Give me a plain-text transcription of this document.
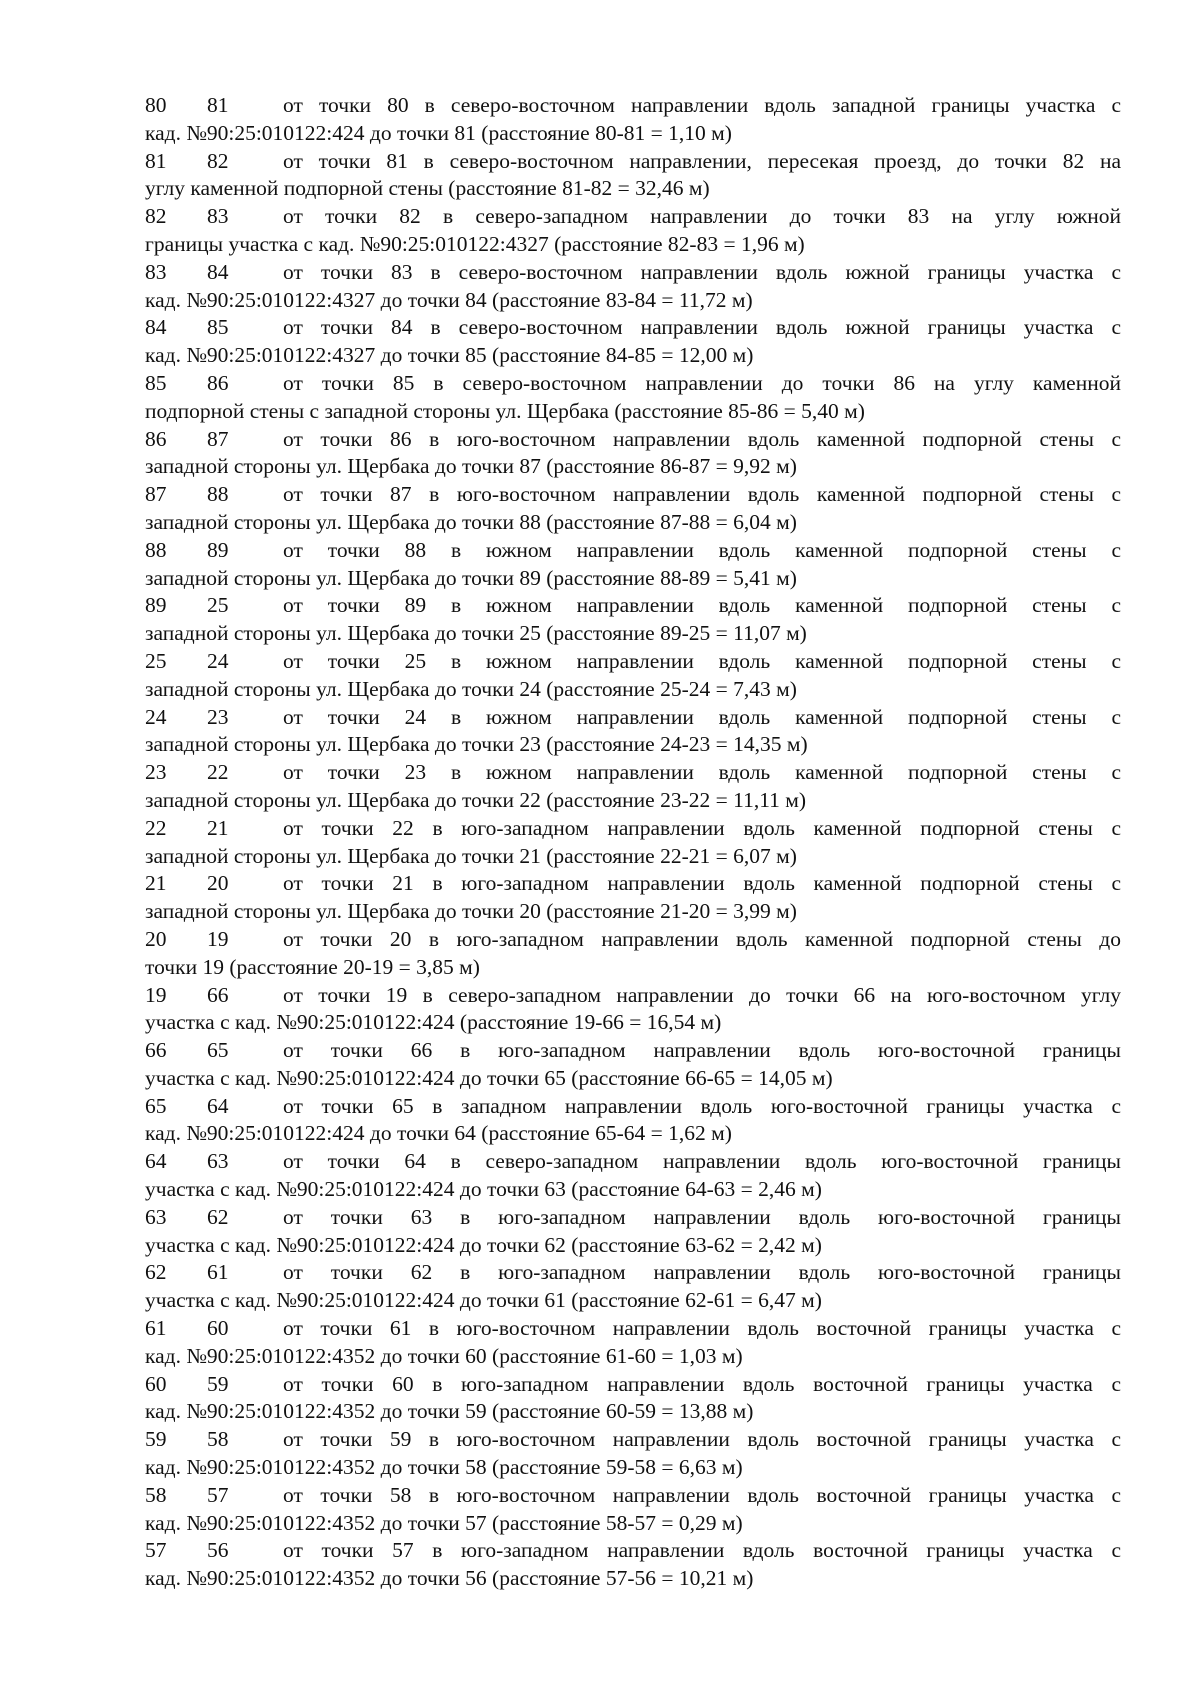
80	81	от точки 80 в северо-восточном направлении вдоль западной границы участка с
кад. №90:25:010122:424 до точки 81 (расстояние 80-81 = 1,10 м)
81	82	от точки 81 в северо-восточном направлении, пересекая проезд, до точки 82 на
углу каменной подпорной стены (расстояние 81-82 = 32,46 м)
82	83	от точки 82 в северо-западном направлении до точки 83 на углу южной
границы участка с кад. №90:25:010122:4327 (расстояние 82-83 = 1,96 м)
83	84	от точки 83 в северо-восточном направлении вдоль южной границы участка с
кад. №90:25:010122:4327 до точки 84 (расстояние 83-84 = 11,72 м)
84	85	от точки 84 в северо-восточном направлении вдоль южной границы участка с
кад. №90:25:010122:4327 до точки 85 (расстояние 84-85 = 12,00 м)
85	86	от точки 85 в северо-восточном направлении до точки 86 на углу каменной
подпорной стены с западной стороны ул. Щербака (расстояние 85-86 = 5,40 м)
86	87	от точки 86 в юго-восточном направлении вдоль каменной подпорной стены с
западной стороны ул. Щербака до точки 87 (расстояние 86-87 = 9,92 м)
87	88	от точки 87 в юго-восточном направлении вдоль каменной подпорной стены с
западной стороны ул. Щербака до точки 88 (расстояние 87-88 = 6,04 м)
88	89	от точки 88 в южном направлении вдоль каменной подпорной стены с
западной стороны ул. Щербака до точки 89 (расстояние 88-89 = 5,41 м)
89	25	от точки 89 в южном направлении вдоль каменной подпорной стены с
западной стороны ул. Щербака до точки 25 (расстояние 89-25 = 11,07 м)
25	24	от точки 25 в южном направлении вдоль каменной подпорной стены с
западной стороны ул. Щербака до точки 24 (расстояние 25-24 = 7,43 м)
24	23	от точки 24 в южном направлении вдоль каменной подпорной стены с
западной стороны ул. Щербака до точки 23 (расстояние 24-23 = 14,35 м)
23	22	от точки 23 в южном направлении вдоль каменной подпорной стены с
западной стороны ул. Щербака до точки 22 (расстояние 23-22 = 11,11 м)
22	21	от точки 22 в юго-западном направлении вдоль каменной подпорной стены с
западной стороны ул. Щербака до точки 21 (расстояние 22-21 = 6,07 м)
21	20	от точки 21 в юго-западном направлении вдоль каменной подпорной стены с
западной стороны ул. Щербака до точки 20 (расстояние 21-20 = 3,99 м)
20	19	от точки 20 в юго-западном направлении вдоль каменной подпорной стены до
точки 19 (расстояние 20-19 = 3,85 м)
19	66	от точки 19 в северо-западном направлении до точки 66 на юго-восточном углу
участка с кад. №90:25:010122:424 (расстояние 19-66 = 16,54 м)
66	65	от точки 66 в юго-западном направлении вдоль юго-восточной границы
участка с кад. №90:25:010122:424 до точки 65 (расстояние 66-65 = 14,05 м)
65	64	от точки 65 в западном направлении вдоль юго-восточной границы участка с
кад. №90:25:010122:424 до точки 64 (расстояние 65-64 = 1,62 м)
64	63	от точки 64 в северо-западном направлении вдоль юго-восточной границы
участка с кад. №90:25:010122:424 до точки 63 (расстояние 64-63 = 2,46 м)
63	62	от точки 63 в юго-западном направлении вдоль юго-восточной границы
участка с кад. №90:25:010122:424 до точки 62 (расстояние 63-62 = 2,42 м)
62	61	от точки 62 в юго-западном направлении вдоль юго-восточной границы
участка с кад. №90:25:010122:424 до точки 61 (расстояние 62-61 = 6,47 м)
61	60	от точки 61 в юго-восточном направлении вдоль восточной границы участка с
кад. №90:25:010122:4352 до точки 60 (расстояние 61-60 = 1,03 м)
60	59	от точки 60 в юго-западном направлении вдоль восточной границы участка с
кад. №90:25:010122:4352 до точки 59 (расстояние 60-59 = 13,88 м)
59	58	от точки 59 в юго-восточном направлении вдоль восточной границы участка с
кад. №90:25:010122:4352 до точки 58 (расстояние 59-58 = 6,63 м)
58	57	от точки 58 в юго-восточном направлении вдоль восточной границы участка с
кад. №90:25:010122:4352 до точки 57 (расстояние 58-57 = 0,29 м)
57	56	от точки 57 в юго-западном направлении вдоль восточной границы участка с
кад. №90:25:010122:4352 до точки 56 (расстояние 57-56 = 10,21 м)
